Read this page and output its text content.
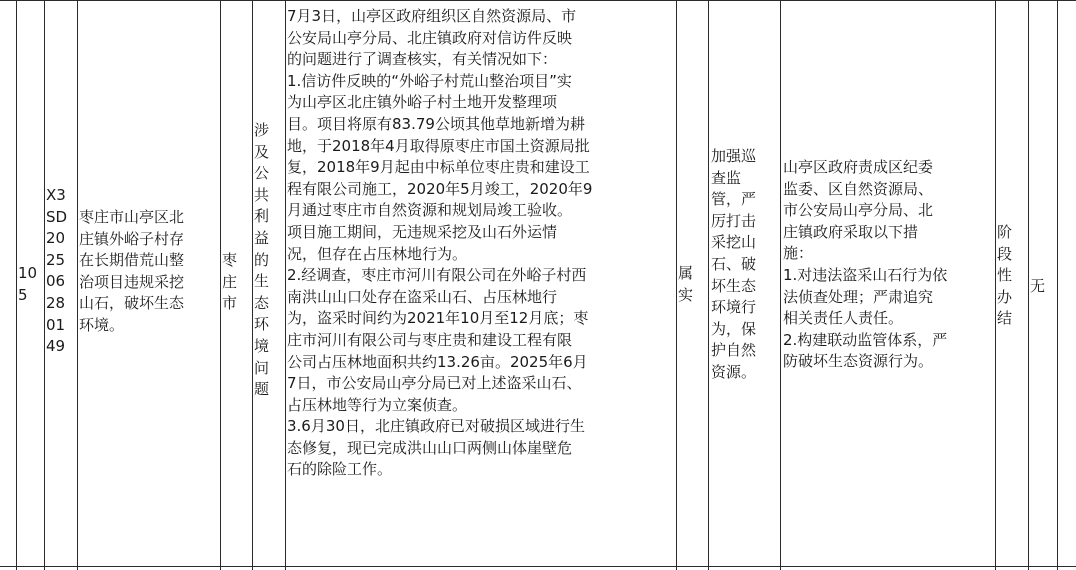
10
5
X3
SD
20
25
06
28
01
49
枣庄市山亭区北
庄镇外峪子村存
在长期借荒山整
治项目违规采挖
山石，破坏生态
环境。
枣
庄
市
涉
及
公
共
利
益
的
生
态
环
境
问
题
7月3日，山亭区政府组织区自然资源局、市
公安局山亭分局、北庄镇政府对信访件反映
的问题进行了调查核实，有关情况如下：
1.信访件反映的“外峪子村荒山整治项目”实
为山亭区北庄镇外峪子村土地开发整理项
目。项目将原有83.79公顷其他草地新增为耕
地，于2018年4月取得原枣庄市国土资源局批
复，2018年9月起由中标单位枣庄贵和建设工
程有限公司施工，2020年5月竣工，2020年9
月通过枣庄市自然资源和规划局竣工验收。
项目施工期间，无违规采挖及山石外运情
况，但存在占压林地行为。
2.经调查，枣庄市河川有限公司在外峪子村西
南洪山山口处存在盗采山石、占压林地行
为，盗采时间约为2021年10月至12月底；枣
庄市河川有限公司与枣庄贵和建设工程有限
公司占压林地面积共约13.26亩。2025年6月
7日，市公安局山亭分局已对上述盗采山石、
占压林地等行为立案侦查。
3.6月30日，北庄镇政府已对破损区域进行生
态修复，现已完成洪山山口两侧山体崖壁危
石的除险工作。
属
实
加强巡
查监
管，严
厉打击
采挖山
石、破
坏生态
环境行
为，保
护自然
资源。
山亭区政府责成区纪委
监委、区自然资源局、
市公安局山亭分局、北
庄镇政府采取以下措
施：
1.对违法盗采山石行为依
法侦查处理；严肃追究
相关责任人责任。
2.构建联动监管体系，严
防破坏生态资源行为。
阶
段
性
办
结
无
